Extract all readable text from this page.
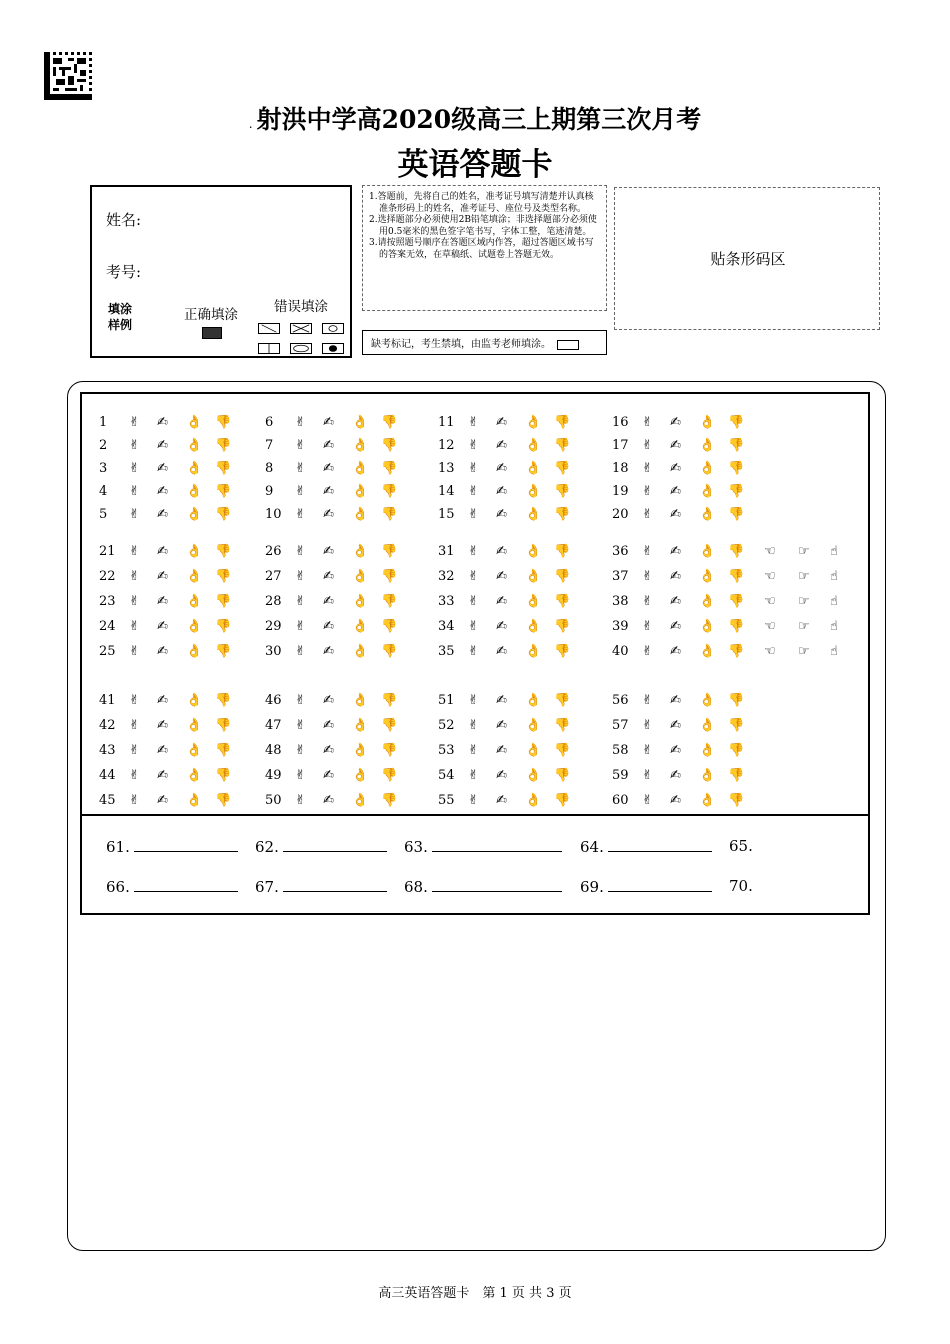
. 射洪中学高2020级高三上期第三次月考
英语答题卡
姓名:
考号:
填涂
样例
正确填涂	错误填涂

1.答题前，先将自己的姓名，准考证号填写清楚并认真核准条形码上的姓名，准考证号、座位号及类型名称。

2.选择题部分必须使用2B铅笔填涂；非选择题部分必须使用0.5毫米的黑色签字笔书写，字体工整，笔迹清楚。

3.请按照题号顺序在答题区域内作答，超过答题区域书写的答案无效，在草稿纸、试题卷上答题无效。

缺考标记，考生禁填，由监考老师填涂。
贴条形码区
1 ✌ ✍ 👌 👎
2 ✌ ✍ 👌 👎
3 ✌ ✍ 👌 👎
4 ✌ ✍ 👌 👎
5 ✌ ✍ 👌 👎
6 ✌ ✍ 👌 👎
7 ✌ ✍ 👌 👎
8 ✌ ✍ 👌 👎
9 ✌ ✍ 👌 👎
10 ✌ ✍ 👌 👎
11 ✌ ✍ 👌 👎
12 ✌ ✍ 👌 👎
13 ✌ ✍ 👌 👎
14 ✌ ✍ 👌 👎
15 ✌ ✍ 👌 👎
16 ✌ ✍ 👌 👎
17 ✌ ✍ 👌 👎
18 ✌ ✍ 👌 👎
19 ✌ ✍ 👌 👎
20 ✌ ✍ 👌 👎
21 ✌ ✍ 👌 👎
22 ✌ ✍ 👌 👎
23 ✌ ✍ 👌 👎
24 ✌ ✍ 👌 👎
25 ✌ ✍ 👌 👎
26 ✌ ✍ 👌 👎
27 ✌ ✍ 👌 👎
28 ✌ ✍ 👌 👎
29 ✌ ✍ 👌 👎
30 ✌ ✍ 👌 👎
31 ✌ ✍ 👌 👎
32 ✌ ✍ 👌 👎
33 ✌ ✍ 👌 👎
34 ✌ ✍ 👌 👎
35 ✌ ✍ 👌 👎
36 ✌ ✍ 👌 👎 ☜ ☞ ☝
37 ✌ ✍ 👌 👎 ☜ ☞ ☝
38 ✌ ✍ 👌 👎 ☜ ☞ ☝
39 ✌ ✍ 👌 👎 ☜ ☞ ☝
40 ✌ ✍ 👌 👎 ☜ ☞ ☝
41 ✌ ✍ 👌 👎
42 ✌ ✍ 👌 👎
43 ✌ ✍ 👌 👎
44 ✌ ✍ 👌 👎
45 ✌ ✍ 👌 👎
46 ✌ ✍ 👌 👎
47 ✌ ✍ 👌 👎
48 ✌ ✍ 👌 👎
49 ✌ ✍ 👌 👎
50 ✌ ✍ 👌 👎
51 ✌ ✍ 👌 👎
52 ✌ ✍ 👌 👎
53 ✌ ✍ 👌 👎
54 ✌ ✍ 👌 👎
55 ✌ ✍ 👌 👎
56 ✌ ✍ 👌 👎
57 ✌ ✍ 👌 👎
58 ✌ ✍ 👌 👎
59 ✌ ✍ 👌 👎
60 ✌ ✍ 👌 👎
61.	62.	63.	64.	65.
66.	67.	68.	69.	70.
高三英语答题卡　第 1 页 共 3 页
